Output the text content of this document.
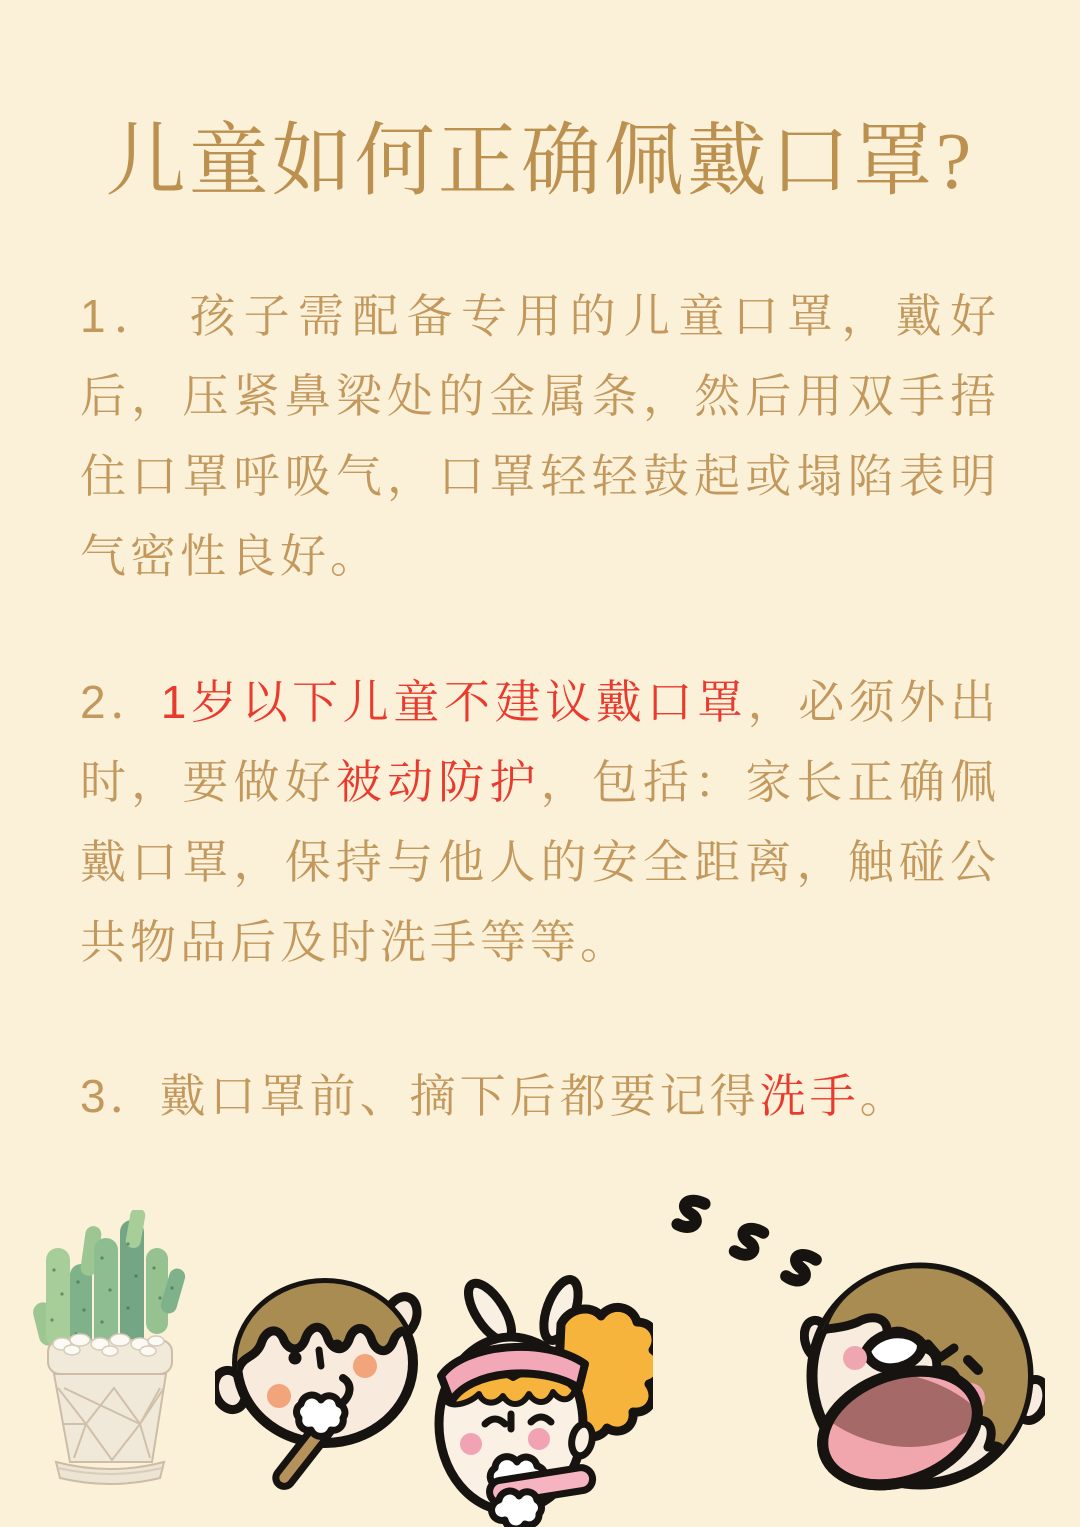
儿童如何正确佩戴口罩?

1． 孩子需配备专用的儿童口罩，戴好后，压紧鼻梁处的金属条，然后用双手捂住口罩呼吸气，口罩轻轻鼓起或塌陷表明气密性良好。

2．1岁以下儿童不建议戴口罩，必须外出时，要做好被动防护，包括：家长正确佩戴口罩，保持与他人的安全距离，触碰公共物品后及时洗手等等。

3．戴口罩前、摘下后都要记得洗手。
